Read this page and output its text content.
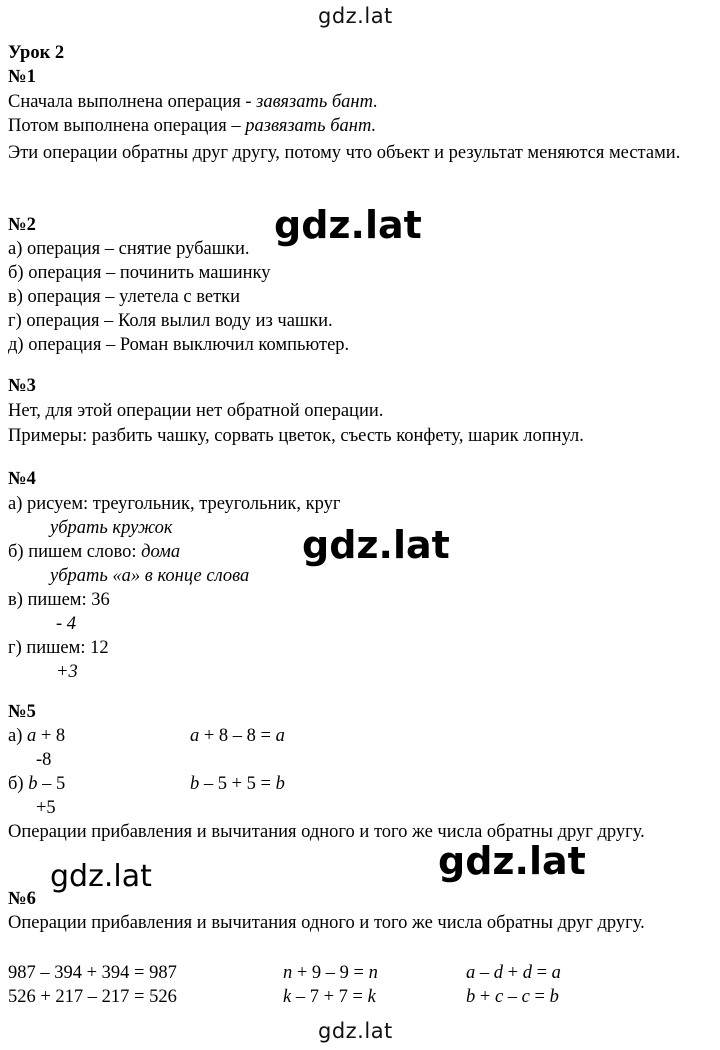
gdz.lat
Урок 2
№1
Сначала выполнена операция - завязать бант.
Потом выполнена операция – развязать бант.
Эти операции обратны друг другу, потому что объект и результат меняются местами.
№2
а) операция – снятие рубашки.
б) операция – починить машинку
в) операция – улетела с ветки
г) операция – Коля вылил воду из чашки.
д) операция – Роман выключил компьютер.
№3
Нет, для этой операции нет обратной операции.
Примеры: разбить чашку, сорвать цветок, съесть конфету, шарик лопнул.
№4
а) рисуем: треугольник, треугольник, круг
убрать кружок
б) пишем слово: дома
убрать «а» в конце слова
в) пишем: 36
- 4
г) пишем: 12
+3
№5
а) a + 8	a + 8 – 8 = a
-8
б) b – 5	b – 5 + 5 = b
+5
Операции прибавления и вычитания одного и того же числа обратны друг другу.
№6
Операции прибавления и вычитания одного и того же числа обратны друг другу.
987 – 394 + 394 = 987	n + 9 – 9 = n	a – d + d = a
526 + 217 – 217 = 526	k – 7 + 7 = k	b + c – c = b
gdz.lat
gdz.lat
gdz.lat
gdz.lat
gdz.lat
